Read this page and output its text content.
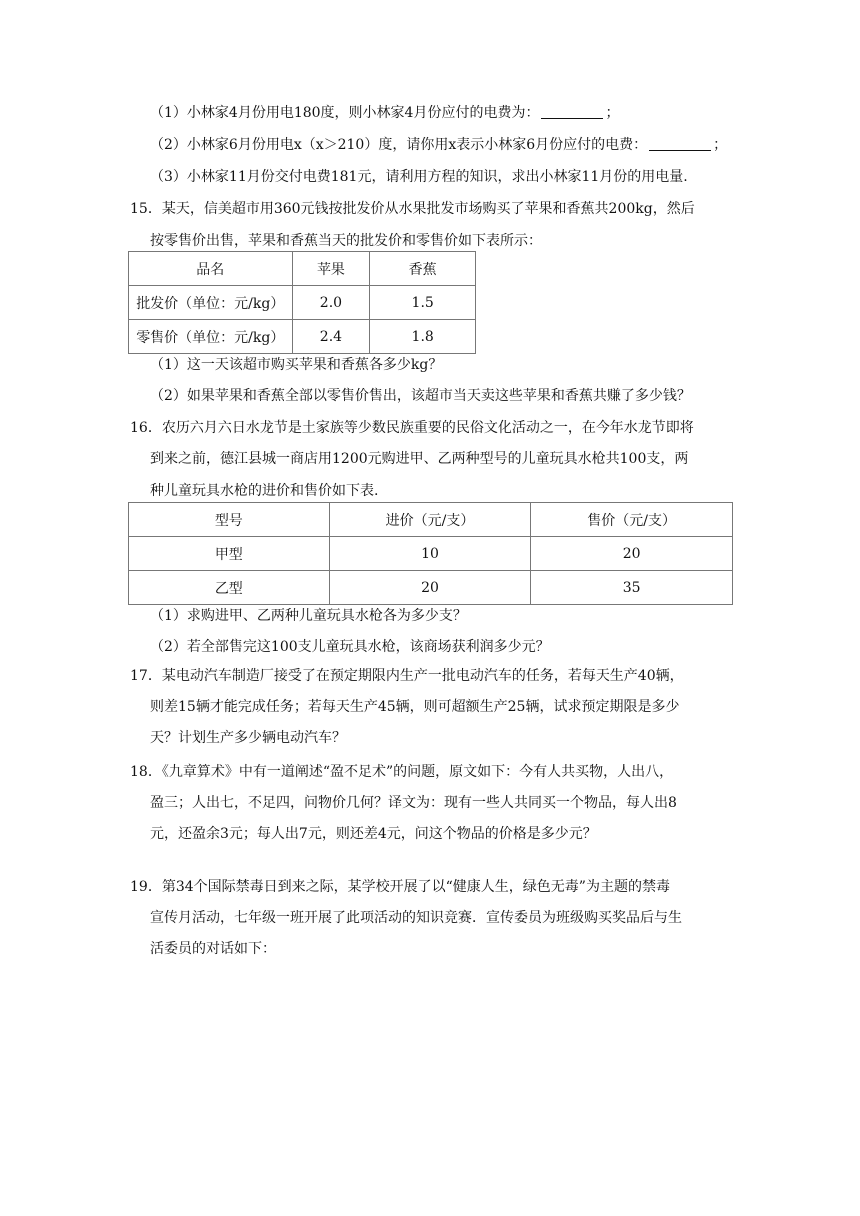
（1）小林家4月份用电180度，则小林家4月份应付的电费为：	；
（2）小林家6月份用电x（x＞210）度，请你用x表示小林家6月份应付的电费：	；
（3）小林家11月份交付电费181元，请利用方程的知识，求出小林家11月份的用电量.
15．某天，信美超市用360元钱按批发价从水果批发市场购买了苹果和香蕉共200kg，然后
按零售价出售，苹果和香蕉当天的批发价和零售价如下表所示：
品名	苹果	香蕉
批发价（单位：元/kg）	2.0	1.5
零售价（单位：元/kg）	2.4	1.8
（1）这一天该超市购买苹果和香蕉各多少kg？
（2）如果苹果和香蕉全部以零售价售出，该超市当天卖这些苹果和香蕉共赚了多少钱？
16．农历六月六日水龙节是土家族等少数民族重要的民俗文化活动之一，在今年水龙节即将
到来之前，德江县城一商店用1200元购进甲、乙两种型号的儿童玩具水枪共100支，两
种儿童玩具水枪的进价和售价如下表.
型号	进价（元/支）	售价（元/支）
甲型	10	20
乙型	20	35
（1）求购进甲、乙两种儿童玩具水枪各为多少支？
（2）若全部售完这100支儿童玩具水枪，该商场获利润多少元？
17．某电动汽车制造厂接受了在预定期限内生产一批电动汽车的任务，若每天生产40辆，
则差15辆才能完成任务；若每天生产45辆，则可超额生产25辆，试求预定期限是多少
天？计划生产多少辆电动汽车？
18．《九章算术》中有一道阐述“盈不足术”的问题，原文如下：今有人共买物，人出八，
盈三；人出七，不足四，问物价几何？译文为：现有一些人共同买一个物品，每人出8
元，还盈余3元；每人出7元，则还差4元，问这个物品的价格是多少元？
19．第34个国际禁毒日到来之际，某学校开展了以“健康人生，绿色无毒”为主题的禁毒
宣传月活动，七年级一班开展了此项活动的知识竞赛．宣传委员为班级购买奖品后与生
活委员的对话如下：
